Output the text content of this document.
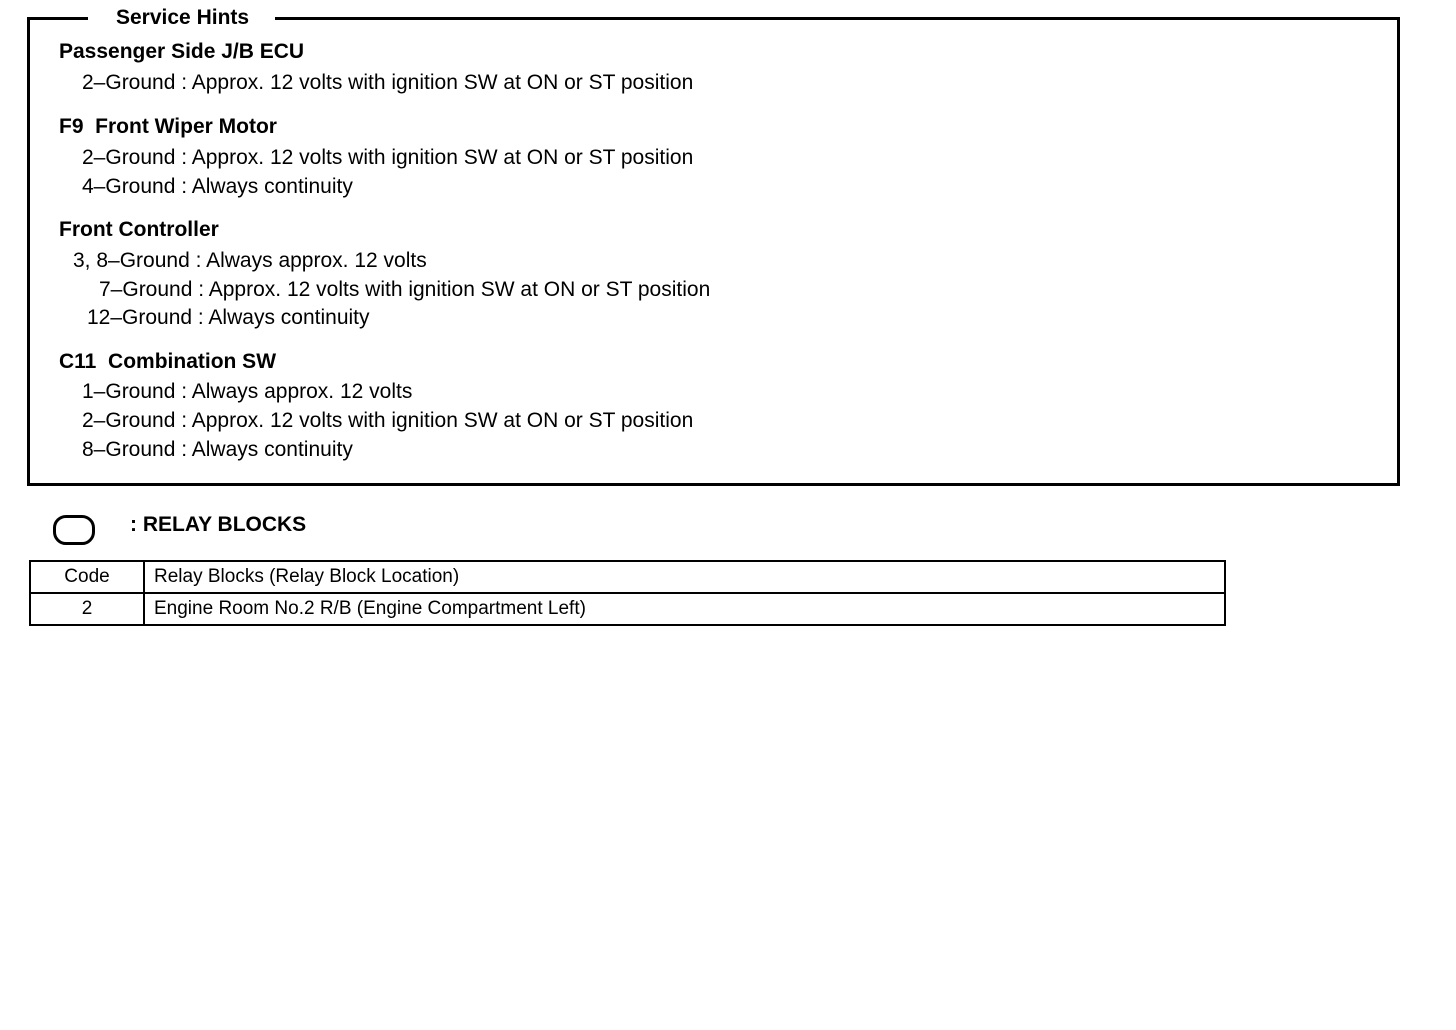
Service Hints
Passenger Side J/B ECU
2–Ground : Approx. 12 volts with ignition SW at ON or ST position
F9  Front Wiper Motor
2–Ground : Approx. 12 volts with ignition SW at ON or ST position
4–Ground : Always continuity
Front Controller
3, 8–Ground : Always approx. 12 volts
7–Ground : Approx. 12 volts with ignition SW at ON or ST position
12–Ground : Always continuity
C11  Combination SW
1–Ground : Always approx. 12 volts
2–Ground : Approx. 12 volts with ignition SW at ON or ST position
8–Ground : Always continuity
: RELAY BLOCKS
Code	Relay Blocks (Relay Block Location)
2	Engine Room No.2 R/B (Engine Compartment Left)
